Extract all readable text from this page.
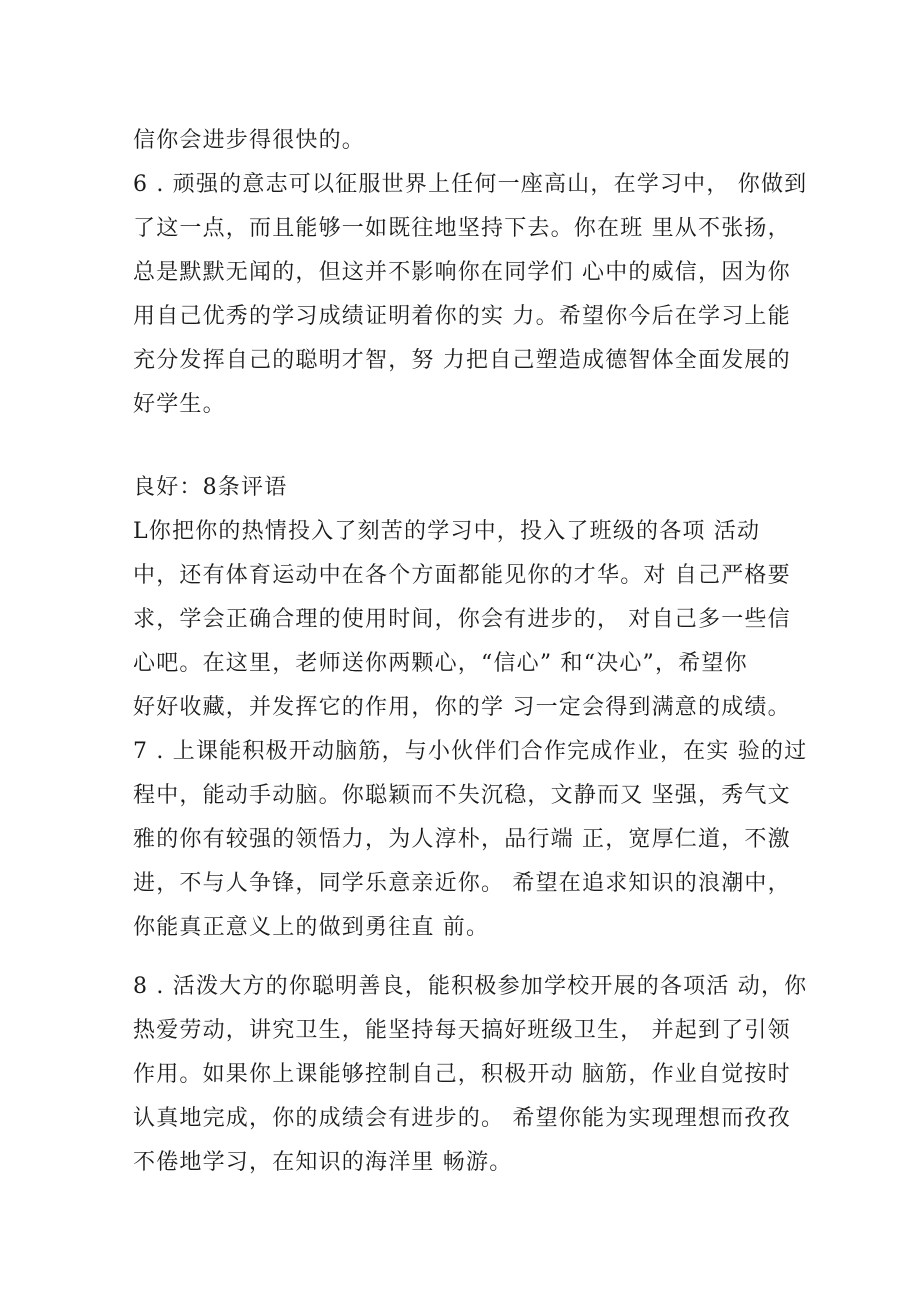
信你会进步得很快的。
6 . 顽强的意志可以征服世界上任何一座高山，在学习中， 你做到
了这一点，而且能够一如既往地坚持下去。你在班 里从不张扬，
总是默默无闻的，但这并不影响你在同学们 心中的威信，因为你
用自己优秀的学习成绩证明着你的实 力。希望你今后在学习上能
充分发挥自己的聪明才智，努 力把自己塑造成德智体全面发展的
好学生。
良好：8条评语
L你把你的热情投入了刻苦的学习中，投入了班级的各项 活动
中，还有体育运动中在各个方面都能见你的才华。对 自己严格要
求，学会正确合理的使用时间，你会有进步的， 对自己多一些信
心吧。在这里，老师送你两颗心，“信心” 和“决心”，希望你
好好收藏，并发挥它的作用，你的学 习一定会得到满意的成绩。
7 . 上课能积极开动脑筋，与小伙伴们合作完成作业，在实 验的过
程中，能动手动脑。你聪颖而不失沉稳，文静而又 坚强，秀气文
雅的你有较强的领悟力，为人淳朴，品行端 正，宽厚仁道，不激
进，不与人争锋，同学乐意亲近你。 希望在追求知识的浪潮中，
你能真正意义上的做到勇往直 前。
8 . 活泼大方的你聪明善良，能积极参加学校开展的各项活 动，你
热爱劳动，讲究卫生，能坚持每天搞好班级卫生， 并起到了引领
作用。如果你上课能够控制自己，积极开动 脑筋，作业自觉按时
认真地完成，你的成绩会有进步的。 希望你能为实现理想而孜孜
不倦地学习，在知识的海洋里 畅游。
